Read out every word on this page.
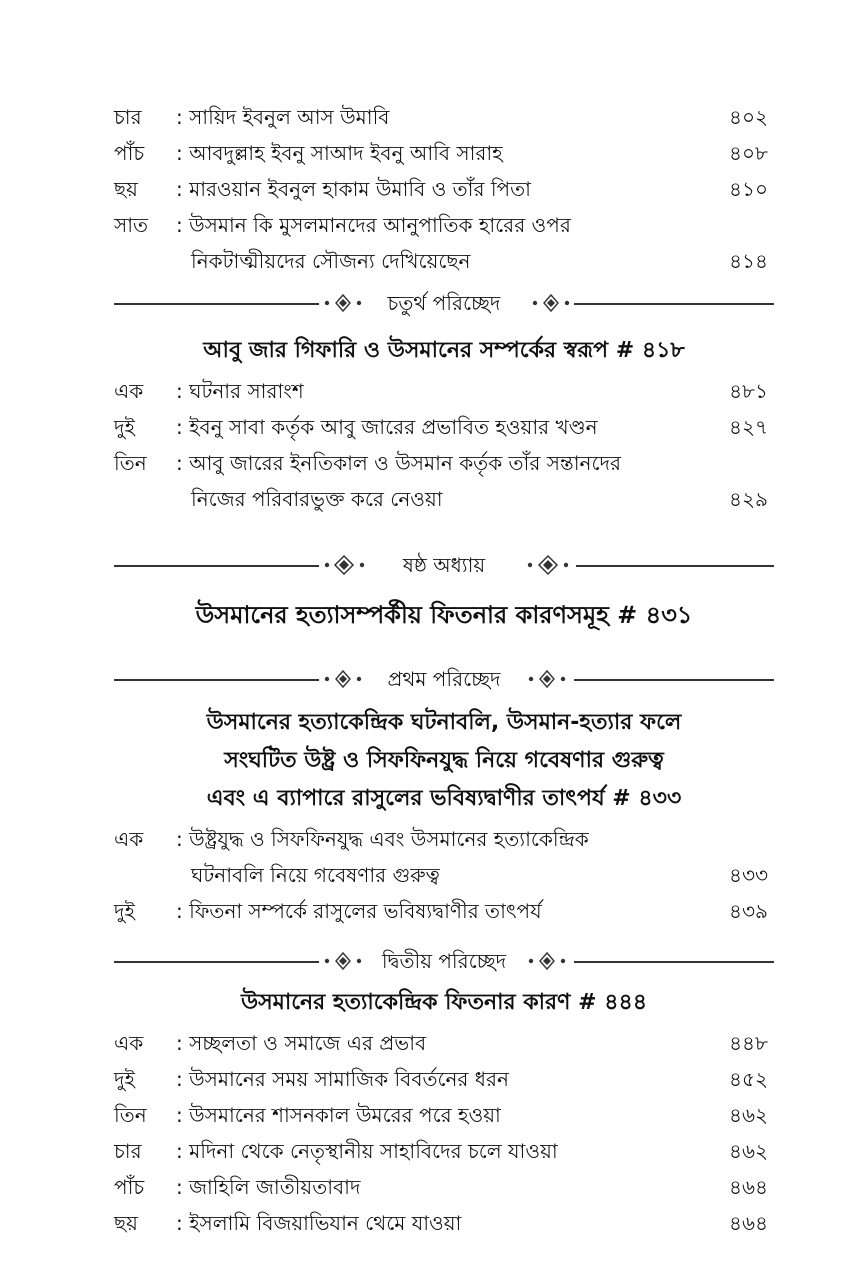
চার : সায়িদ ইবনুল আস উমাবি	৪০২
পাঁচ : আবদুল্লাহ ইবনু সাআদ ইবনু আবি সারাহ	৪০৮
ছয় : মারওয়ান ইবনুল হাকাম উমাবি ও তাঁর পিতা	৪১০
সাত : উসমান কি মুসলমানদের আনুপাতিক হারের ওপর
নিকটাত্মীয়দের সৌজন্য দেখিয়েছেন	৪১৪
চতুর্থ পরিচ্ছেদ
আবু জার গিফারি ও উসমানের সম্পর্কের স্বরূপ # ৪১৮
এক : ঘটনার সারাংশ	৪৮১
দুই : ইবনু সাবা কর্তৃক আবু জারের প্রভাবিত হওয়ার খণ্ডন	৪২৭
তিন : আবু জারের ইনতিকাল ও উসমান কর্তৃক তাঁর সন্তানদের
নিজের পরিবারভুক্ত করে নেওয়া	৪২৯
ষষ্ঠ অধ্যায়
উসমানের হত্যাসম্পর্কীয় ফিতনার কারণসমূহ # ৪৩১
প্রথম পরিচ্ছেদ
উসমানের হত্যাকেন্দ্রিক ঘটনাবলি, উসমান-হত্যার ফলে
সংঘটিত উষ্ট্র ও সিফফিনযুদ্ধ নিয়ে গবেষণার গুরুত্ব
এবং এ ব্যাপারে রাসুলের ভবিষ্যদ্বাণীর তাৎপর্য # ৪৩৩
এক : উষ্ট্রযুদ্ধ ও সিফফিনযুদ্ধ এবং উসমানের হত্যাকেন্দ্রিক
ঘটনাবলি নিয়ে গবেষণার গুরুত্ব	৪৩৩
দুই : ফিতনা সম্পর্কে রাসুলের ভবিষ্যদ্বাণীর তাৎপর্য	৪৩৯
দ্বিতীয় পরিচ্ছেদ
উসমানের হত্যাকেন্দ্রিক ফিতনার কারণ # ৪৪৪
এক : সচ্ছলতা ও সমাজে এর প্রভাব	৪৪৮
দুই : উসমানের সময় সামাজিক বিবর্তনের ধরন	৪৫২
তিন : উসমানের শাসনকাল উমরের পরে হওয়া	৪৬২
চার : মদিনা থেকে নেতৃস্থানীয় সাহাবিদের চলে যাওয়া	৪৬২
পাঁচ : জাহিলি জাতীয়তাবাদ	৪৬৪
ছয় : ইসলামি বিজয়াভিযান থেমে যাওয়া	৪৬৪
